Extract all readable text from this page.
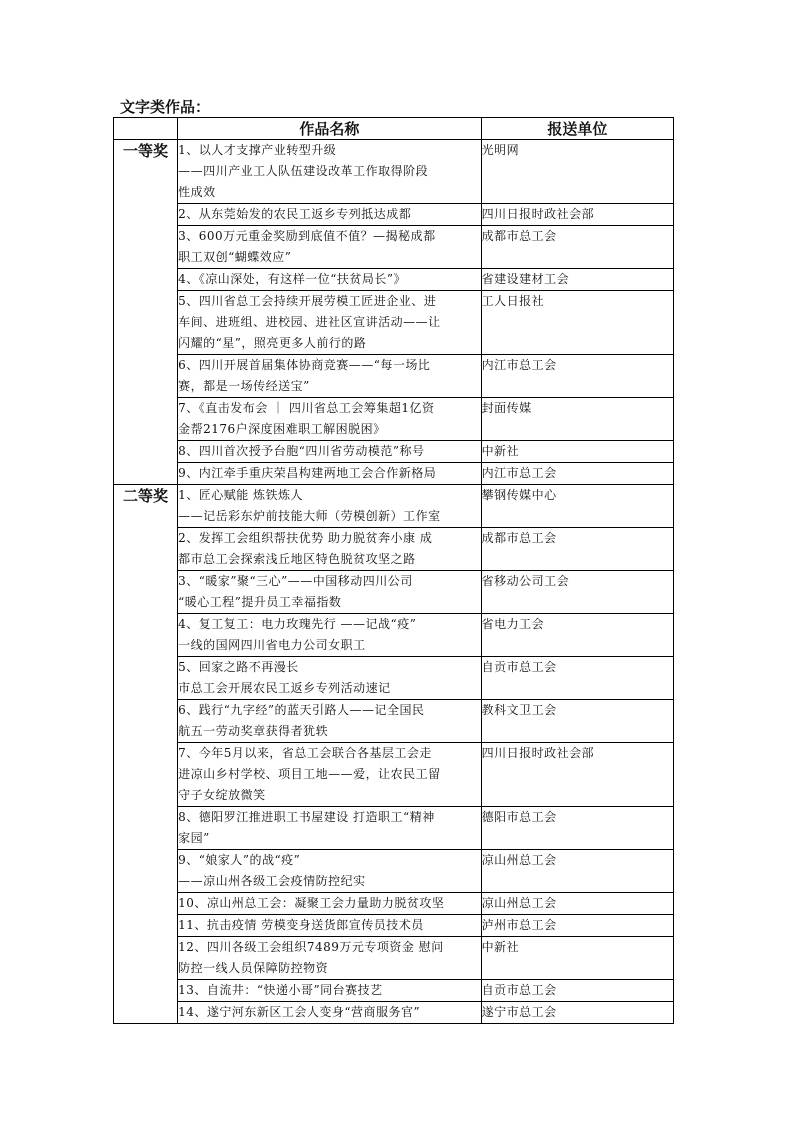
文字类作品：
	作品名称	报送单位
一等奖	1、以人才支撑产业转型升级
——四川产业工人队伍建设改革工作取得阶段
性成效	光明网

	2、从东莞始发的农民工返乡专列抵达成都	四川日报时政社会部

	3、600万元重金奖励到底值不值？—揭秘成都
职工双创“蝴蝶效应”	成都市总工会

	4、《凉山深处，有这样一位“扶贫局长”》	省建设建材工会

	5、四川省总工会持续开展劳模工匠进企业、进
车间、进班组、进校园、进社区宣讲活动——让
闪耀的“星”，照亮更多人前行的路	工人日报社

	6、四川开展首届集体协商竞赛——“每一场比
赛，都是一场传经送宝”	内江市总工会

	7、《直击发布会 ｜ 四川省总工会筹集超1亿资
金帮2176户深度困难职工解困脱困》	封面传媒

	8、四川首次授予台胞“四川省劳动模范”称号	中新社

	9、内江牵手重庆荣昌构建两地工会合作新格局	内江市总工会
二等奖	1、匠心赋能 炼铁炼人
——记岳彩东炉前技能大师（劳模创新）工作室	攀钢传媒中心

	2、发挥工会组织帮扶优势 助力脱贫奔小康 成
都市总工会探索浅丘地区特色脱贫攻坚之路	成都市总工会

	3、“暖家”聚“三心”——中国移动四川公司
“暖心工程”提升员工幸福指数	省移动公司工会

	4、复工复工：电力玫瑰先行 ——记战“疫”
一线的国网四川省电力公司女职工	省电力工会

	5、回家之路不再漫长
市总工会开展农民工返乡专列活动速记	自贡市总工会

	6、践行“九字经”的蓝天引路人——记全国民
航五一劳动奖章获得者犹轶	教科文卫工会

	7、今年5月以来，省总工会联合各基层工会走
进凉山乡村学校、项目工地——爱，让农民工留
守子女绽放微笑	四川日报时政社会部

	8、德阳罗江推进职工书屋建设 打造职工“精神
家园”	德阳市总工会

	9、“娘家人”的战“疫”
——凉山州各级工会疫情防控纪实	凉山州总工会

	10、凉山州总工会：凝聚工会力量助力脱贫攻坚	凉山州总工会

	11、抗击疫情 劳模变身送货郎宣传员技术员	泸州市总工会

	12、四川各级工会组织7489万元专项资金 慰问
防控一线人员保障防控物资	中新社

	13、自流井：“快递小哥”同台赛技艺	自贡市总工会

	14、遂宁河东新区工会人变身“营商服务官”	遂宁市总工会
